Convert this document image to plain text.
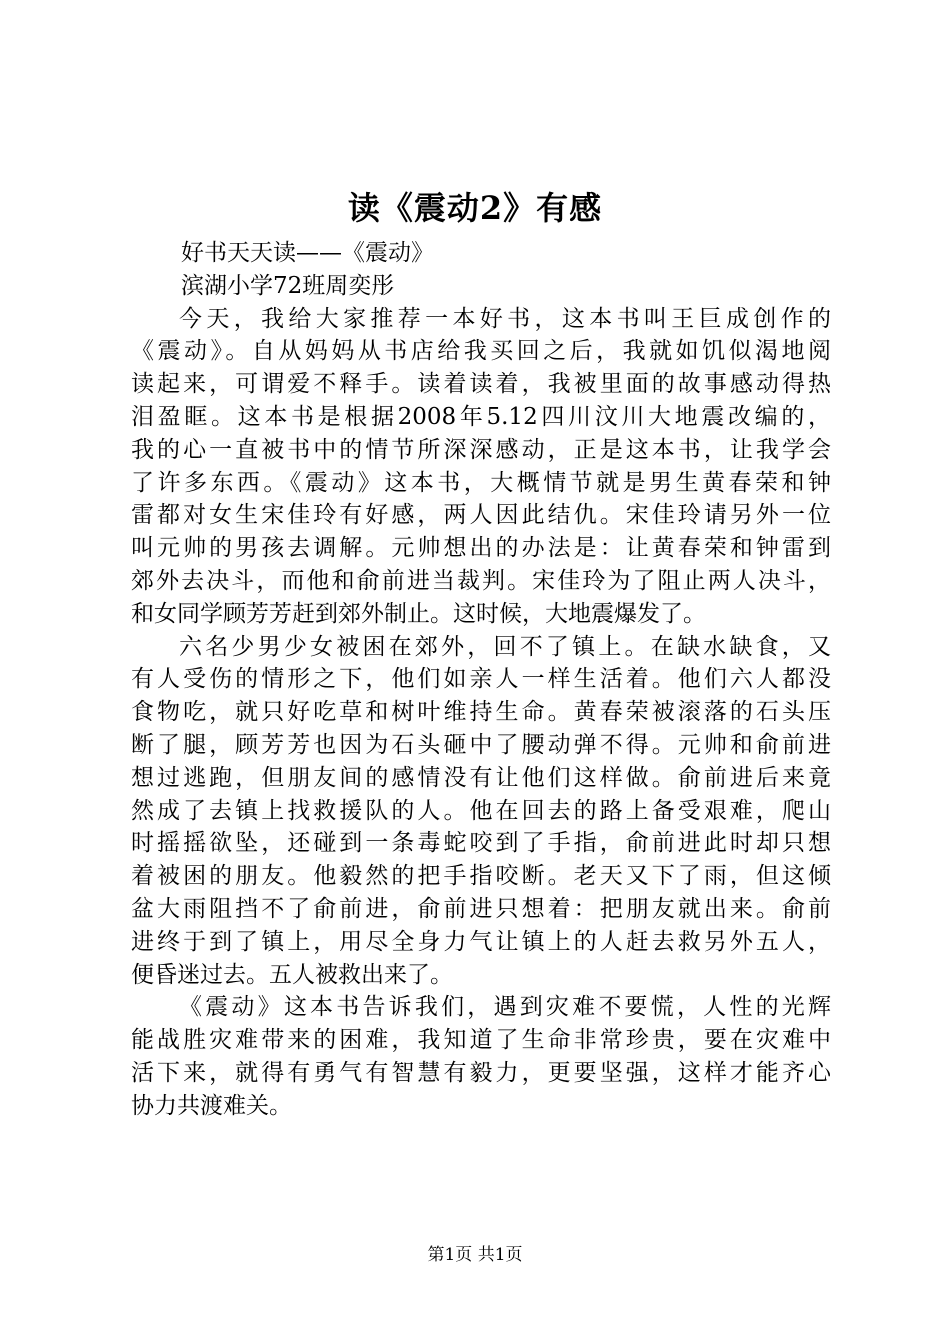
读《震动2》有感
好书天天读——《震动》
滨湖小学72班周奕彤
今天，我给大家推荐一本好书，这本书叫王巨成创作的
《震动》。自从妈妈从书店给我买回之后，我就如饥似渴地阅
读起来，可谓爱不释手。读着读着，我被里面的故事感动得热
泪盈眶。这本书是根据2008年5.12四川汶川大地震改编的，
我的心一直被书中的情节所深深感动，正是这本书，让我学会
了许多东西。《震动》这本书，大概情节就是男生黄春荣和钟
雷都对女生宋佳玲有好感，两人因此结仇。宋佳玲请另外一位
叫元帅的男孩去调解。元帅想出的办法是：让黄春荣和钟雷到
郊外去决斗，而他和俞前进当裁判。宋佳玲为了阻止两人决斗，
和女同学顾芳芳赶到郊外制止。这时候，大地震爆发了。
六名少男少女被困在郊外，回不了镇上。在缺水缺食，又
有人受伤的情形之下，他们如亲人一样生活着。他们六人都没
食物吃，就只好吃草和树叶维持生命。黄春荣被滚落的石头压
断了腿，顾芳芳也因为石头砸中了腰动弹不得。元帅和俞前进
想过逃跑，但朋友间的感情没有让他们这样做。俞前进后来竟
然成了去镇上找救援队的人。他在回去的路上备受艰难，爬山
时摇摇欲坠，还碰到一条毒蛇咬到了手指，俞前进此时却只想
着被困的朋友。他毅然的把手指咬断。老天又下了雨，但这倾
盆大雨阻挡不了俞前进，俞前进只想着：把朋友就出来。俞前
进终于到了镇上，用尽全身力气让镇上的人赶去救另外五人，
便昏迷过去。五人被救出来了。
《震动》这本书告诉我们，遇到灾难不要慌，人性的光辉
能战胜灾难带来的困难，我知道了生命非常珍贵，要在灾难中
活下来，就得有勇气有智慧有毅力，更要坚强，这样才能齐心
协力共渡难关。
第1页 共1页
